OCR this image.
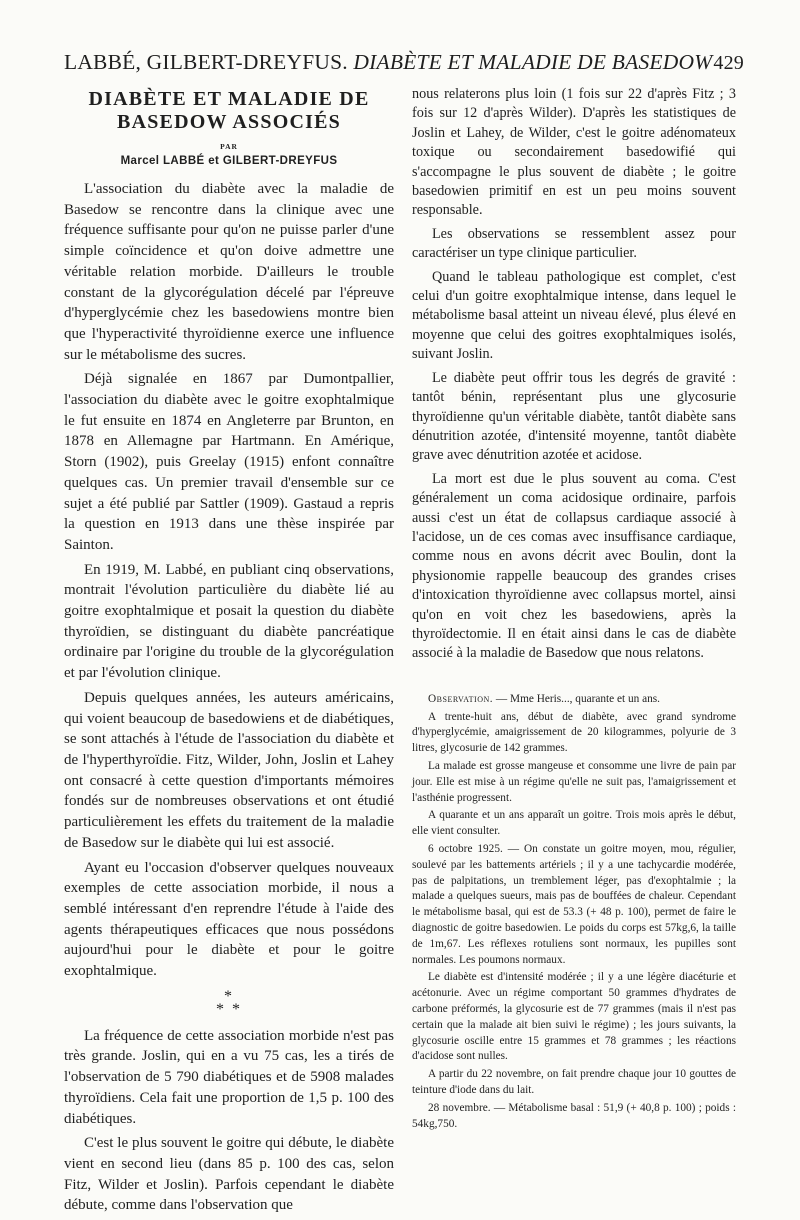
LABBÉ, GILBERT-DREYFUS. DIABÈTE ET MALADIE DE BASEDOW 429
DIABÈTE ET MALADIE DE
BASEDOW ASSOCIÉS
PAR
Marcel LABBÉ et GILBERT-DREYFUS

L'association du diabète avec la maladie de Basedow se rencontre dans la clinique avec une fréquence suffisante pour qu'on ne puisse parler d'une simple coïncidence et qu'on doive admettre une véritable relation morbide. D'ailleurs le trouble constant de la glycorégulation décelé par l'épreuve d'hyperglycémie chez les basedowiens montre bien que l'hyperactivité thyroïdienne exerce une influence sur le métabolisme des sucres.

Déjà signalée en 1867 par Dumontpallier, l'association du diabète avec le goitre exophtalmique le fut ensuite en 1874 en Angleterre par Brunton, en 1878 en Allemagne par Hartmann. En Amérique, Storn (1902), puis Greelay (1915) enfont connaître quelques cas. Un premier travail d'ensemble sur ce sujet a été publié par Sattler (1909). Gastaud a repris la question en 1913 dans une thèse inspirée par Sainton.

En 1919, M. Labbé, en publiant cinq observations, montrait l'évolution particulière du diabète lié au goitre exophtalmique et posait la question du diabète thyroïdien, se distinguant du diabète pancréatique ordinaire par l'origine du trouble de la glycorégulation et par l'évolution clinique.

Depuis quelques années, les auteurs américains, qui voient beaucoup de basedowiens et de diabétiques, se sont attachés à l'étude de l'association du diabète et de l'hyperthyroïdie. Fitz, Wilder, John, Joslin et Lahey ont consacré à cette question d'importants mémoires fondés sur de nombreuses observations et ont étudié particulièrement les effets du traitement de la maladie de Basedow sur le diabète qui lui est associé.

Ayant eu l'occasion d'observer quelques nouveaux exemples de cette association morbide, il nous a semblé intéressant d'en reprendre l'étude à l'aide des agents thérapeutiques efficaces que nous possédons aujourd'hui pour le diabète et pour le goitre exophtalmique.

*
* *

La fréquence de cette association morbide n'est pas très grande. Joslin, qui en a vu 75 cas, les a tirés de l'observation de 5 790 diabétiques et de 5908 malades thyroïdiens. Cela fait une proportion de 1,5 p. 100 des diabétiques.

C'est le plus souvent le goitre qui débute, le diabète vient en second lieu (dans 85 p. 100 des cas, selon Fitz, Wilder et Joslin). Parfois cependant le diabète débute, comme dans l'observation que

nous relaterons plus loin (1 fois sur 22 d'après Fitz ; 3 fois sur 12 d'après Wilder). D'après les statistiques de Joslin et Lahey, de Wilder, c'est le goitre adénomateux toxique ou secondairement basedowifié qui s'accompagne le plus souvent de diabète ; le goitre basedowien primitif en est un peu moins souvent responsable.

Les observations se ressemblent assez pour caractériser un type clinique particulier.

Quand le tableau pathologique est complet, c'est celui d'un goitre exophtalmique intense, dans lequel le métabolisme basal atteint un niveau élevé, plus élevé en moyenne que celui des goitres exophtalmiques isolés, suivant Joslin.

Le diabète peut offrir tous les degrés de gravité : tantôt bénin, représentant plus une glycosurie thyroïdienne qu'un véritable diabète, tantôt diabète sans dénutrition azotée, d'intensité moyenne, tantôt diabète grave avec dénutrition azotée et acidose.

La mort est due le plus souvent au coma. C'est généralement un coma acidosique ordinaire, parfois aussi c'est un état de collapsus cardiaque associé à l'acidose, un de ces comas avec insuffisance cardiaque, comme nous en avons décrit avec Boulin, dont la physionomie rappelle beaucoup des grandes crises d'intoxication thyroïdienne avec collapsus mortel, ainsi qu'on en voit chez les basedowiens, après la thyroïdectomie. Il en était ainsi dans le cas de diabète associé à la maladie de Basedow que nous relatons.

Observation. — Mme Heris..., quarante et un ans.

A trente-huit ans, début de diabète, avec grand syndrome d'hyperglycémie, amaigrissement de 20 kilogrammes, polyurie de 3 litres, glycosurie de 142 grammes.

La malade est grosse mangeuse et consomme une livre de pain par jour. Elle est mise à un régime qu'elle ne suit pas, l'amaigrissement et l'asthénie progressent.

A quarante et un ans apparaît un goitre. Trois mois après le début, elle vient consulter.

6 octobre 1925. — On constate un goitre moyen, mou, régulier, soulevé par les battements artériels ; il y a une tachycardie modérée, pas de palpitations, un tremblement léger, pas d'exophtalmie ; la malade a quelques sueurs, mais pas de bouffées de chaleur. Cependant le métabolisme basal, qui est de 53.3 (+ 48 p. 100), permet de faire le diagnostic de goitre basedowien. Le poids du corps est 57kg,6, la taille de 1m,67. Les réflexes rotuliens sont normaux, les pupilles sont normales. Les poumons normaux.

Le diabète est d'intensité modérée ; il y a une légère diacéturie et acétonurie. Avec un régime comportant 50 grammes d'hydrates de carbone préformés, la glycosurie est de 77 grammes (mais il n'est pas certain que la malade ait bien suivi le régime) ; les jours suivants, la glycosurie oscille entre 15 grammes et 78 grammes ; les réactions d'acidose sont nulles.

A partir du 22 novembre, on fait prendre chaque jour 10 gouttes de teinture d'iode dans du lait.

28 novembre. — Métabolisme basal : 51,9 (+ 40,8 p. 100) ; poids : 54kg,750.
